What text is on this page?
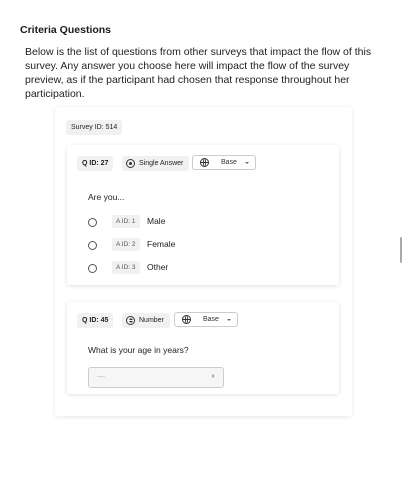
Criteria Questions
Below is the list of questions from other surveys that impact the flow of this survey. Any answer you choose here will impact the flow of the survey preview, as if the participant had chosen that response throughout her participation.
Survey ID: 514
Q ID: 27	Single Answer	Base
Are you...
A ID: 1	Male
A ID: 2	Female
A ID: 3	Other
Q ID: 45	Number	Base
What is your age in years?
—	♦
